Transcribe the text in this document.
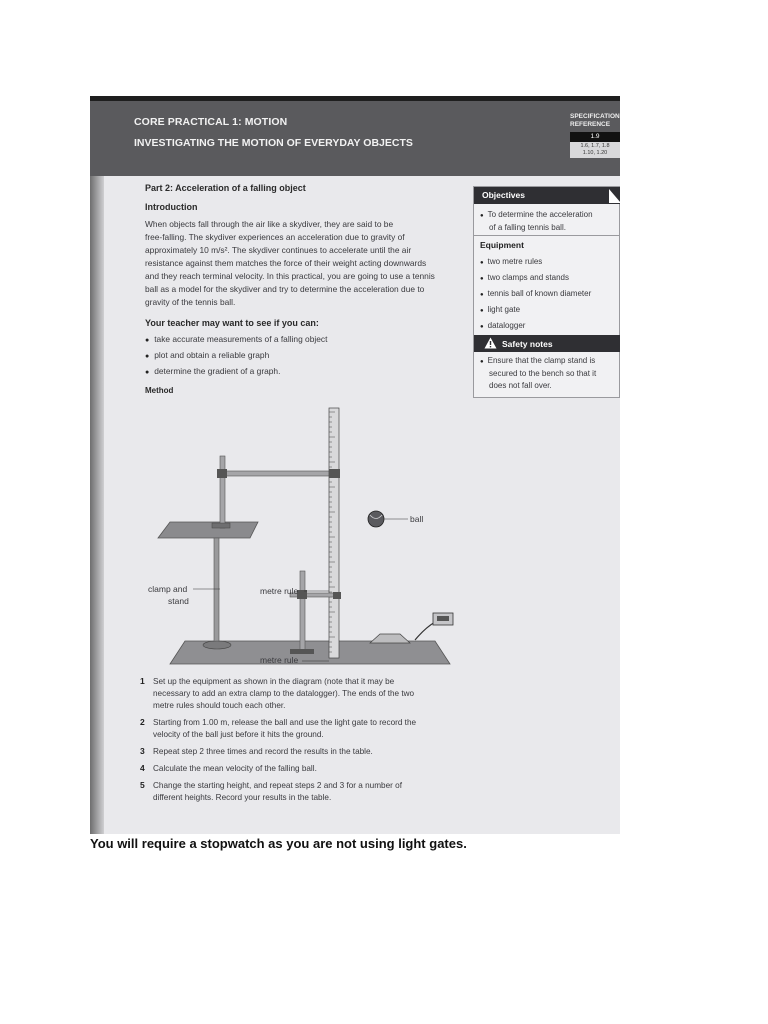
CORE PRACTICAL 1: MOTION
INVESTIGATING THE MOTION OF EVERYDAY OBJECTS
SPECIFICATION
REFERENCE
1.9
1.6, 1.7, 1.8
1.10, 1.20
Part 2: Acceleration of a falling object
Introduction
When objects fall through the air like a skydiver, they are said to be
free-falling. The skydiver experiences an acceleration due to gravity of
approximately 10 m/s². The skydiver continues to accelerate until the air
resistance against them matches the force of their weight acting downwards
and they reach terminal velocity. In this practical, you are going to use a tennis
ball as a model for the skydiver and try to determine the acceleration due to
gravity of the tennis ball.
Your teacher may want to see if you can:
● take accurate measurements of a falling object
● plot and obtain a reliable graph
● determine the gradient of a graph.
Method
Objectives
● To determine the acceleration
of a falling tennis ball.
Equipment
● two metre rules
● two clamps and stands
● tennis ball of known diameter
● light gate
● datalogger
Safety notes
● Ensure that the clamp stand is
secured to the bench so that it
does not fall over.
ball
clamp and
stand
metre rule
metre rule
1 Set up the equipment as shown in the diagram (note that it may be
necessary to add an extra clamp to the datalogger). The ends of the two
metre rules should touch each other.
2 Starting from 1.00 m, release the ball and use the light gate to record the
velocity of the ball just before it hits the ground.
3 Repeat step 2 three times and record the results in the table.
4 Calculate the mean velocity of the falling ball.
5 Change the starting height, and repeat steps 2 and 3 for a number of
different heights. Record your results in the table.
You will require a stopwatch as you are not using light gates.
